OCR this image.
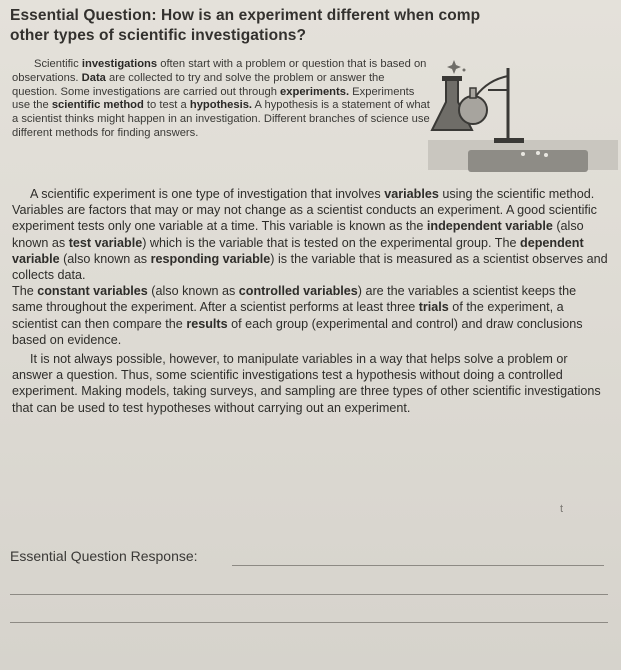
Essential Question: How is an experiment different when comp
other types of scientific investigations?

Scientific investigations often start with a problem or question that is based on observations. Data are collected to try and solve the problem or answer the question. Some investigations are carried out through experiments. Experiments use the scientific method to test a hypothesis. A hypothesis is a statement of what a scientist thinks might happen in an investigation. Different branches of science use different methods for finding answers.

A scientific experiment is one type of investigation that involves variables using the scientific method. Variables are factors that may or may not change as a scientist conducts an experiment. A good scientific experiment tests only one variable at a time. This variable is known as the independent variable (also known as test variable) which is the variable that is tested on the experimental group. The dependent variable (also known as responding variable) is the variable that is measured as a scientist observes and collects data.

The constant variables (also known as controlled variables) are the variables a scientist keeps the same throughout the experiment. After a scientist performs at least three trials of the experiment, a scientist can then compare the results of each group (experimental and control) and draw conclusions based on evidence.

It is not always possible, however, to manipulate variables in a way that helps solve a problem or answer a question. Thus, some scientific investigations test a hypothesis without doing a controlled experiment. Making models, taking surveys, and sampling are three types of other scientific investigations that can be used to test hypotheses without carrying out an experiment.

t
Essential Question Response:
